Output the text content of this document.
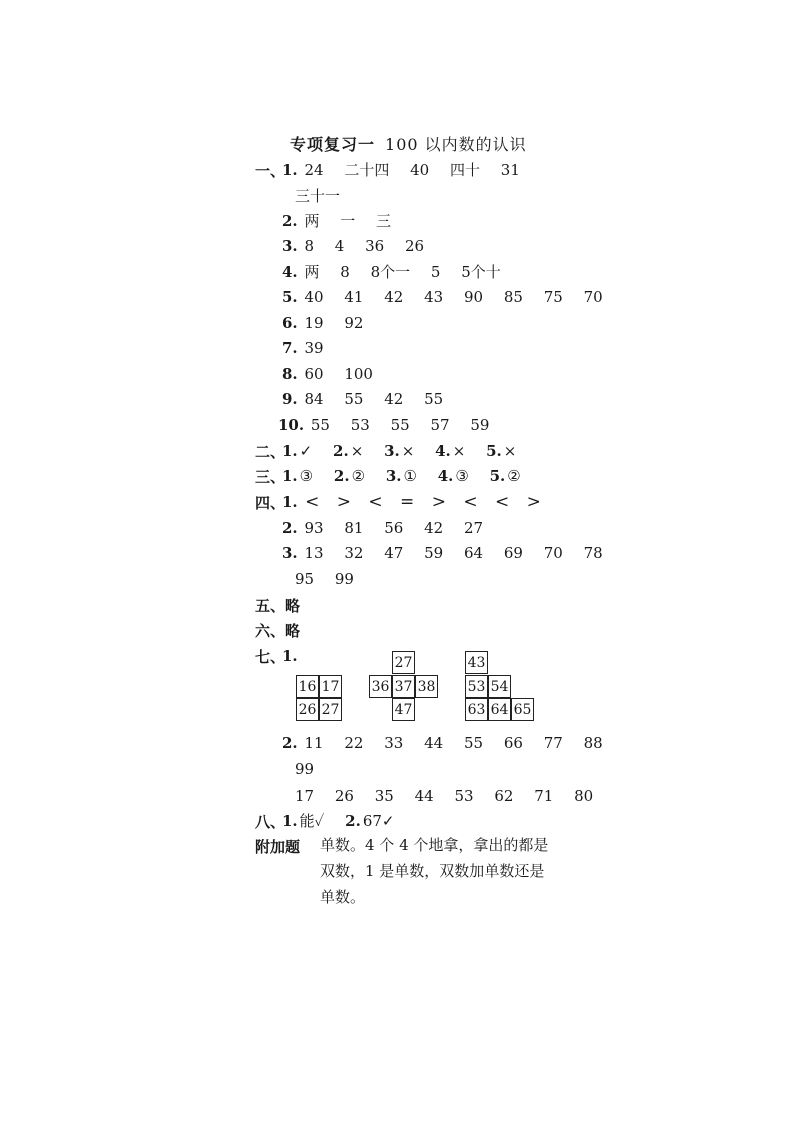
专项复习一 100 以内数的认识
一、
1. 24 二十四 40 四十 31
三十一
2. 两 一 三
3. 8 4 36 26
4. 两 8 8个一 5 5个十
5. 40 41 42 43 90 85 75 70
6. 19 92
7. 39
8. 60 100
9. 84 55 42 55
10. 55 53 55 57 59
二、
1. ✓ 2. × 3. × 4. × 5. ×
三、
1. ③ 2. ② 3. ① 4. ③ 5. ②
四、
1. < > < = > < < >
2. 93 81 56 42 27
3. 13 32 47 59 64 69 70 78
95 99
五、略
六、略
七、
1.
16 17
26 27
27
36 37 38
47
43
53 54
63 64 65
2. 11 22 33 44 55 66 77 88
99
17 26 35 44 53 62 71 80
八、
1. 能✓ 2. 67✓
附加题 单数。4 个 4 个地拿，拿出的都是
双数，1 是单数，双数加单数还是
单数。
